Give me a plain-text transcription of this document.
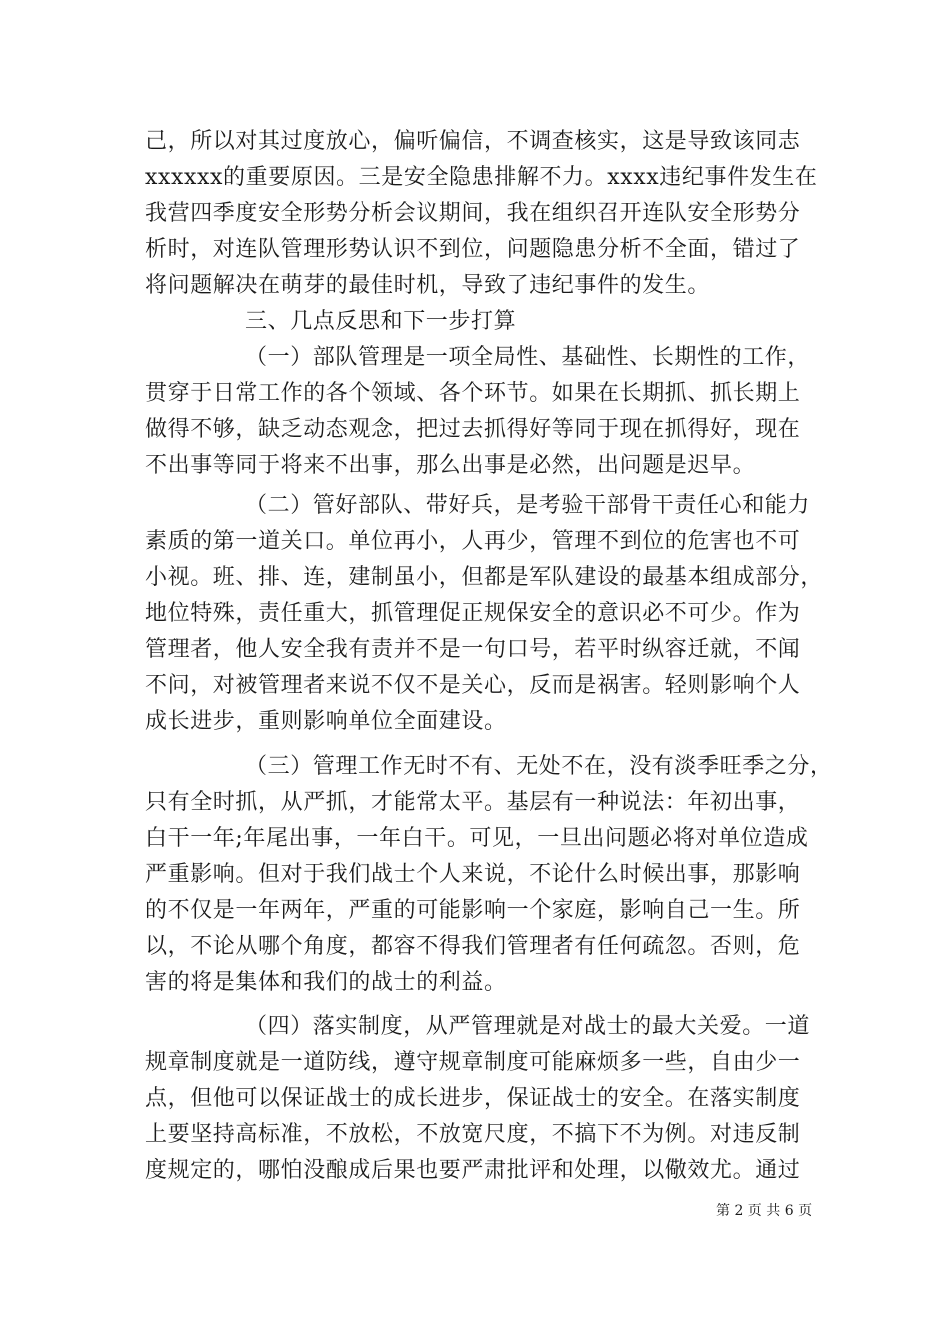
己，所以对其过度放心，偏听偏信，不调查核实，这是导致该同志
xxxxxx的重要原因。三是安全隐患排解不力。xxxx违纪事件发生在
我营四季度安全形势分析会议期间，我在组织召开连队安全形势分
析时，对连队管理形势认识不到位，问题隐患分析不全面，错过了
将问题解决在萌芽的最佳时机，导致了违纪事件的发生。
三、几点反思和下一步打算
（一）部队管理是一项全局性、基础性、长期性的工作，
贯穿于日常工作的各个领域、各个环节。如果在长期抓、抓长期上
做得不够，缺乏动态观念，把过去抓得好等同于现在抓得好，现在
不出事等同于将来不出事，那么出事是必然，出问题是迟早。
（二）管好部队、带好兵，是考验干部骨干责任心和能力
素质的第一道关口。单位再小，人再少，管理不到位的危害也不可
小视。班、排、连，建制虽小，但都是军队建设的最基本组成部分，
地位特殊，责任重大，抓管理促正规保安全的意识必不可少。作为
管理者，他人安全我有责并不是一句口号，若平时纵容迁就，不闻
不问，对被管理者来说不仅不是关心，反而是祸害。轻则影响个人
成长进步，重则影响单位全面建设。
（三）管理工作无时不有、无处不在，没有淡季旺季之分，
只有全时抓，从严抓，才能常太平。基层有一种说法：年初出事，
白干一年;年尾出事，一年白干。可见，一旦出问题必将对单位造成
严重影响。但对于我们战士个人来说，不论什么时候出事，那影响
的不仅是一年两年，严重的可能影响一个家庭，影响自己一生。所
以，不论从哪个角度，都容不得我们管理者有任何疏忽。否则，危
害的将是集体和我们的战士的利益。
（四）落实制度，从严管理就是对战士的最大关爱。一道
规章制度就是一道防线，遵守规章制度可能麻烦多一些，自由少一
点，但他可以保证战士的成长进步，保证战士的安全。在落实制度
上要坚持高标准，不放松，不放宽尺度，不搞下不为例。对违反制
度规定的，哪怕没酿成后果也要严肃批评和处理，以儆效尤。通过
第 2 页 共 6 页
